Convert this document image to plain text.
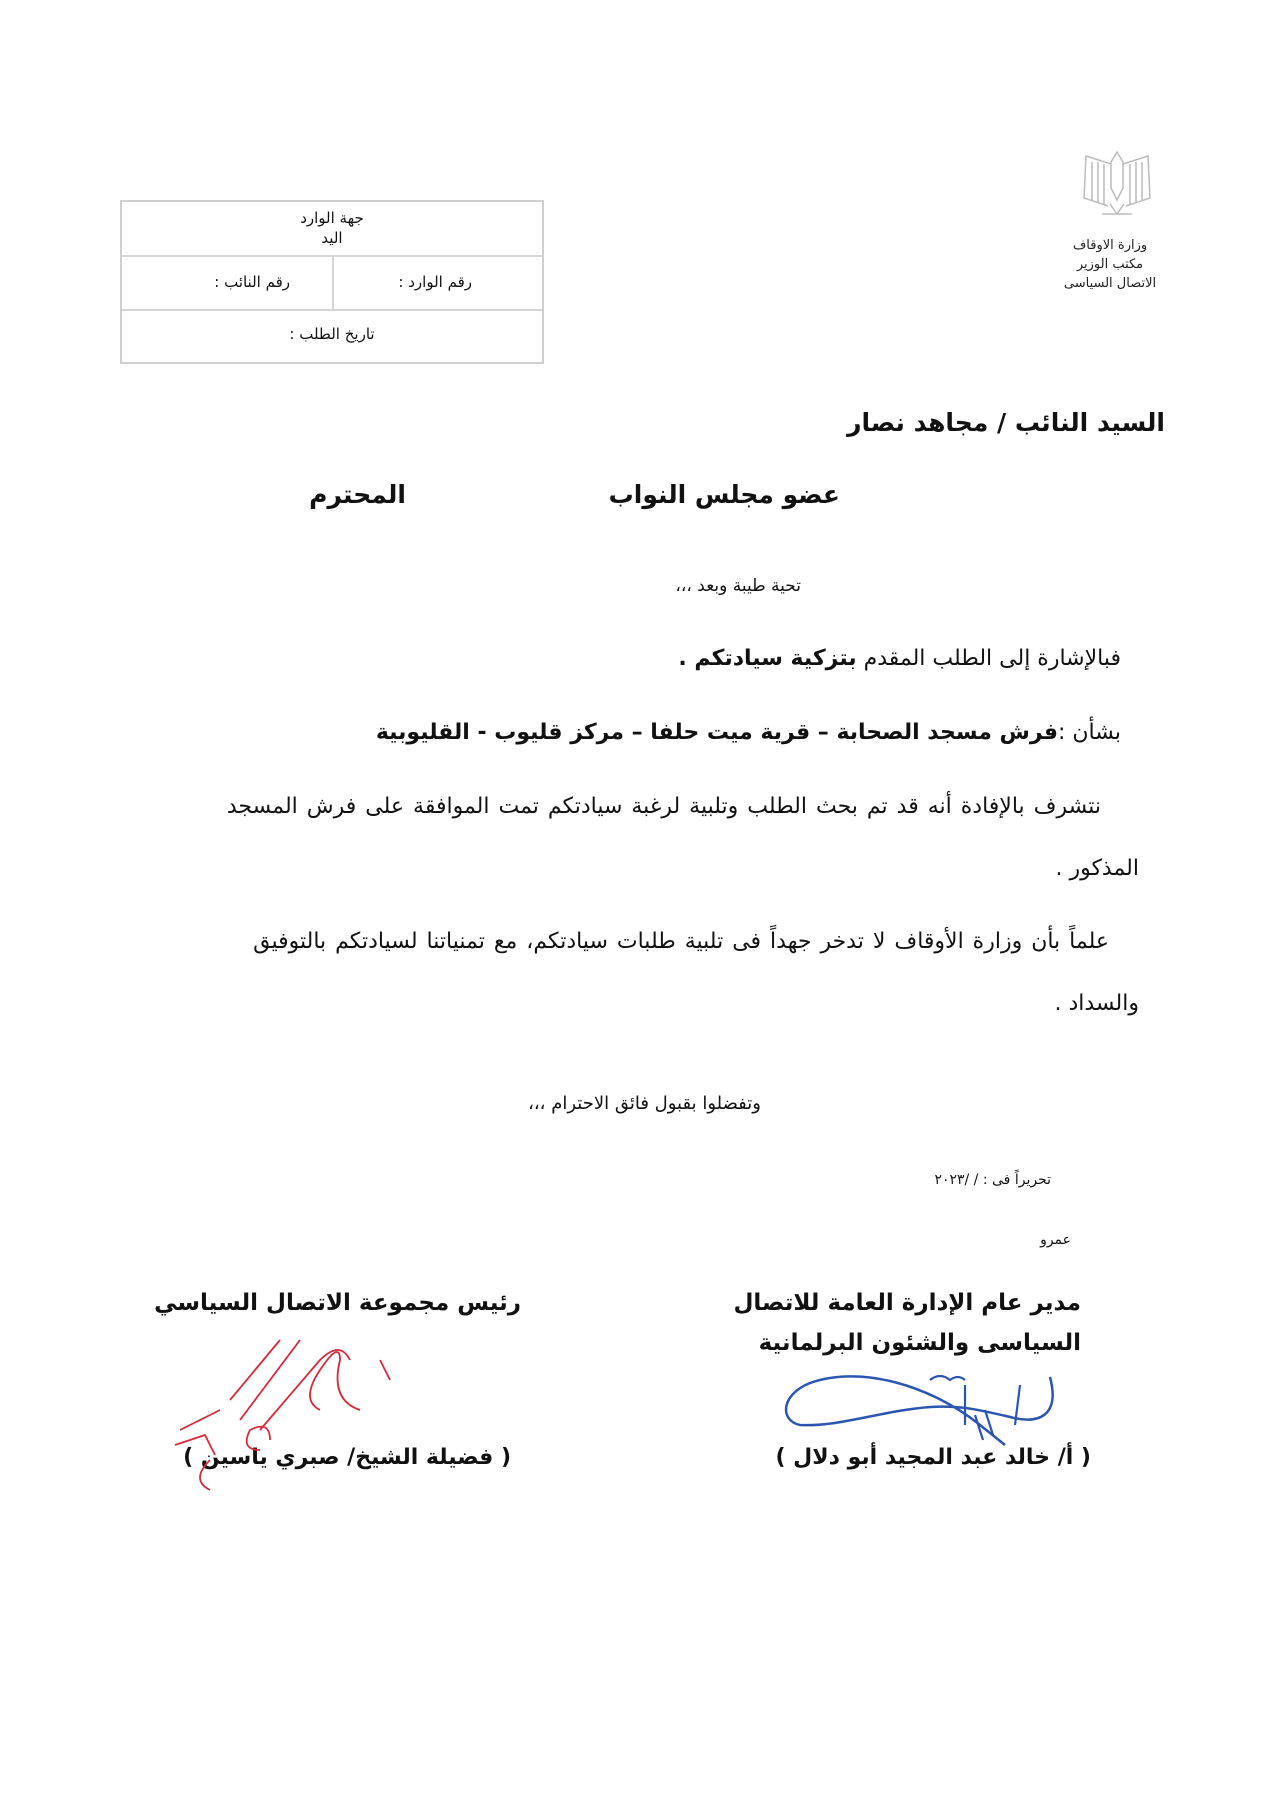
وزارة الاوقاف
مكتب الوزير
الاتصال السياسى
جهة الوارد
اليد
رقم الوارد :
رقم النائب :
تاريخ الطلب :
السيد النائب / مجاهد نصار
عضو مجلس النواب
المحترم
تحية طيبة وبعد ،،،
فبالإشارة إلى الطلب المقدم بتزكية سيادتكم .
بشأن :فرش مسجد الصحابة – قرية ميت حلفا – مركز قليوب - القليوبية
نتشرف بالإفادة أنه قد تم بحث الطلب وتلبية لرغبة سيادتكم تمت الموافقة على فرش المسجد
المذكور .
علماً بأن وزارة الأوقاف لا تدخر جهداً فى تلبية طلبات سيادتكم، مع تمنياتنا لسيادتكم بالتوفيق
والسداد .
وتفضلوا بقبول فائق الاحترام ،،،
تحريراً فى : / /٢٠٢٣
عمرو
مدير عام الإدارة العامة للاتصال
السياسى والشئون البرلمانية
( أ/ خالد عبد المجيد أبو دلال )
رئيس مجموعة الاتصال السياسي
( فضيلة الشيخ/ صبري ياسين )
